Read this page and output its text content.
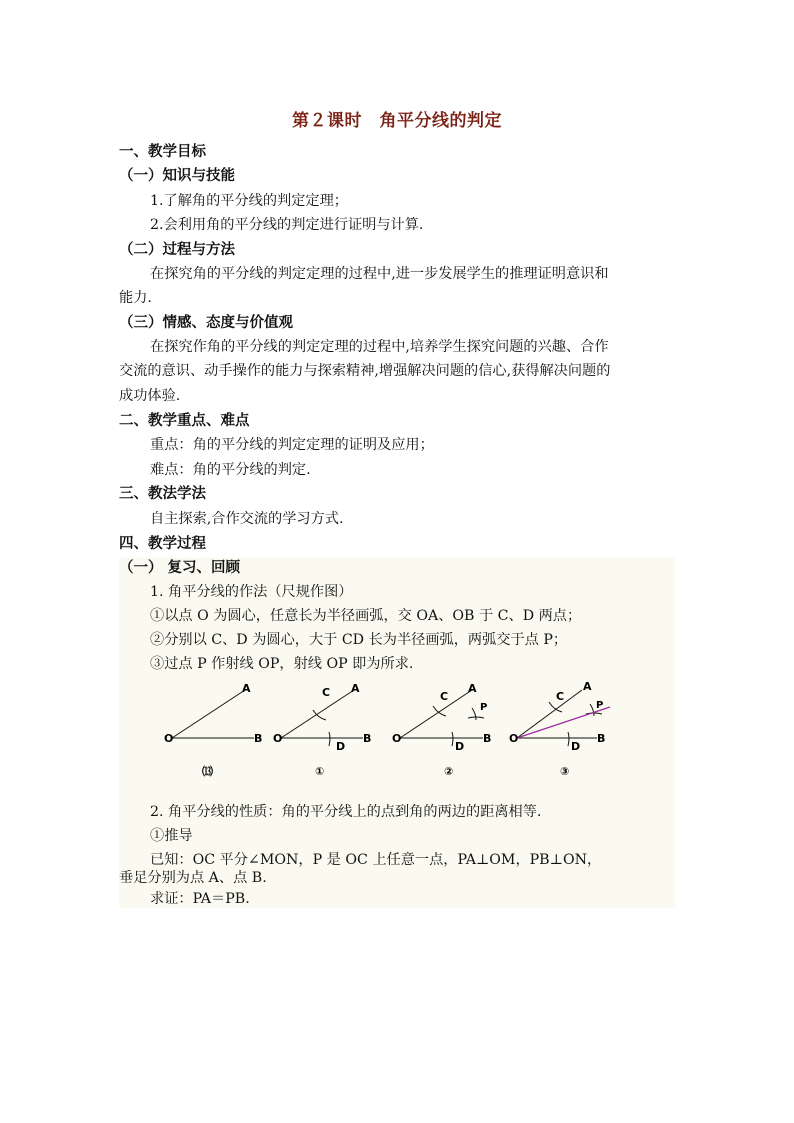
第２课时　角平分线的判定
一、教学目标
（一）知识与技能
1.了解角的平分线的判定定理；
2.会利用角的平分线的判定进行证明与计算.
（二）过程与方法
在探究角的平分线的判定定理的过程中,进一步发展学生的推理证明意识和
能力.
（三）情感、态度与价值观
在探究作角的平分线的判定定理的过程中,培养学生探究问题的兴趣、合作
交流的意识、动手操作的能力与探索精神,增强解决问题的信心,获得解决问题的
成功体验.
二、教学重点、难点
重点：角的平分线的判定定理的证明及应用；
难点：角的平分线的判定.
三、教法学法
自主探索,合作交流的学习方式.
四、教学过程
（一） 复习、回顾
1. 角平分线的作法（尺规作图）
①以点 O 为圆心，任意长为半径画弧，交 OA、OB 于 C、D 两点；
②分别以 C、D 为圆心，大于 CD 长为半径画弧，两弧交于点 P；
③过点 P 作射线 OP，射线 OP 即为所求.
O
A
B
⒀
O
A
B
C
D
①
O
A
B
C
D
P
②
O
A
B
C
D
P
③
2. 角平分线的性质：角的平分线上的点到角的两边的距离相等.
①推导
已知：OC 平分∠MON，P 是 OC 上任意一点，PA⊥OM，PB⊥ON，
垂足分别为点 A、点 B.
求证：PA＝PB.
